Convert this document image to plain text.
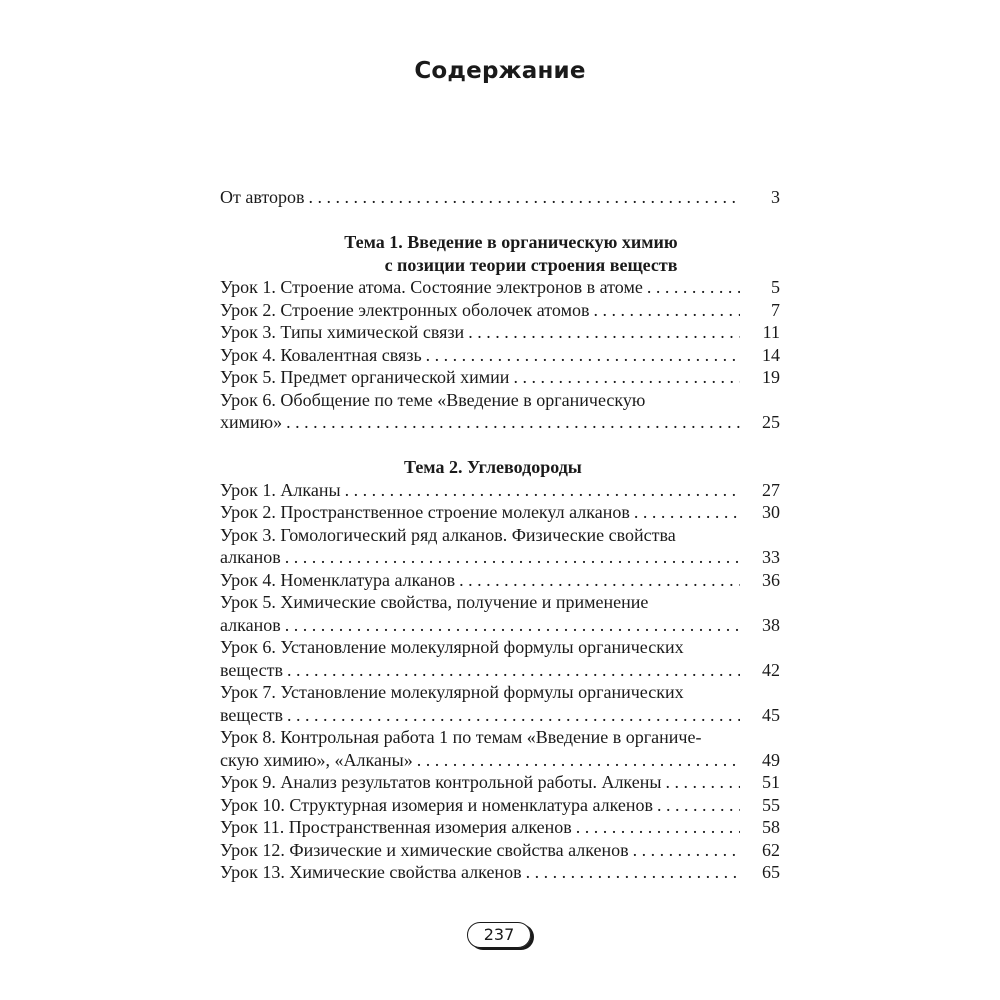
Содержание
От авторов . . .	3
Тема 1. Введение в органическую химию
с позиции теории строения веществ
Урок 1. Строение атома. Состояние электронов в атоме . . .	5
Урок 2. Строение электронных оболочек атомов . . .	7
Урок 3. Типы химической связи . . .	11
Урок 4. Ковалентная связь . . .	14
Урок 5. Предмет органической химии . . .	19
Урок 6. Обобщение по теме «Введение в органическую
химию» . . .	25
Тема 2. Углеводороды
Урок 1. Алканы . . .	27
Урок 2. Пространственное строение молекул алканов . . .	30
Урок 3. Гомологический ряд алканов. Физические свойства
алканов . . .	33
Урок 4. Номенклатура алканов . . .	36
Урок 5. Химические свойства, получение и применение
алканов . . .	38
Урок 6. Установление молекулярной формулы органических
веществ . . .	42
Урок 7. Установление молекулярной формулы органических
веществ . . .	45
Урок 8. Контрольная работа 1 по темам «Введение в органиче-
скую химию», «Алканы» . . .	49
Урок 9. Анализ результатов контрольной работы. Алкены . . .	51
Урок 10. Структурная изомерия и номенклатура алкенов . . .	55
Урок 11. Пространственная изомерия алкенов . . .	58
Урок 12. Физические и химические свойства алкенов . . .	62
Урок 13. Химические свойства алкенов . . .	65
237
